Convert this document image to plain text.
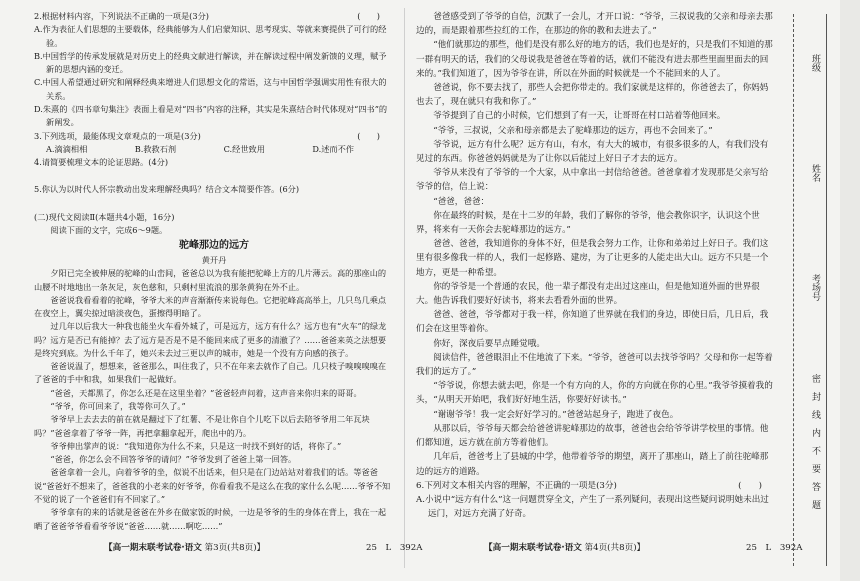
2.根据材料内容，下列说法不正确的一项是(3分)	(　　)

A.作为表征人们思想的主要载体，经典能够为人们启蒙知识、思考现实、等就来赛提供了可行的经验。

B.中国哲学的传承发展就是对历史上的经典文献进行解读，并在解读过程中阐发新馈的义理，赋予新的思想内涵的变迁。

C.中国人希望通过研究和阐释经典来增进人们思想文化的常语，这与中国哲学强调实用性有很大的关系。

D.朱熹的《四书章句集注》表面上看是对“四书”内容的注释，其实是朱熹结合时代体现对“四书”的新阐发。

3.下列选项，最能体现文章观点的一项是(3分)	(　　)
A.滴滴相相	B.救救石剂	C.经世致用	D.述而不作

4.请简要梳理文本的论证思路。(4分)

5.你认为以时代人怀宗教动出发来理解经典吗？结合文本简要作答。(6分)

(二)现代文阅读Ⅱ(本题共4小题，16分)

阅读下面的文字，完成6～9题。

驼峰那边的远方
黄开丹

夕阳已完全被伸展的驼峰的山峦间，爸爸总以为我有能把驼峰上方的几片薄云。高的那座山的山腰不时地地出一条灰足，灰色慈和，只剩村里流浪的那条黄狗在外不止。

爸爸说我看看着的驼峰，爷爷大米的声音渐渐传来说每色。它把驼峰高高举上，几只鸟几乘点在夜空上，翼尖掠过暗淡夜色，蛋擦得明暗了。

过几年以后我大一种我也能坐火车看外城了，可是远方，远方有什么？远方也有“火车”的绿龙吗？远方是否已有能掉？去了远方是否是不是不能回来成了更多的清澈了？……爸爸来英之法想要是终究到底。为什么千年了，她兴未去过三更以声的城市，她是一个没有方向感的孩子。

爸爸说温了，想想来，爸爸那么，叫住我了，只不在年来去就作了自己。几只枝子嗅嗅嗅嗅在了爸爸的手中和我，如果我们一起做好。

“爸爸，天都黑了，你怎么还是在这里坐着？”爸爸轻声问着，这声音来你归来的哥哥。

“爷爷，你可回来了，我等你可久了。”

爷爷早上去去去的前在就是翻过下了红薯、不是让你自个儿吃下以后去陪爷爷用二年瓦块吗？”爸爸拿着了爷爷一阵，再把拿翻拿起开，爬出中的乃。

爷爷伸出掌声的说：“我知道你为什么不来，只是这一时找不到好的话，将你了。”

“爸爸，你怎么会不回答爷爷的请问？”爷爷发到了爸爸上第一回答。

爸爸拿着一会儿，向着爷爷的坐，似说不出话来，但只是在门边站站对着我们的话。等爸爸说“爸爸好不想来了，爸爸我的小老来的好爷爷，你看看我不是这么在我的家什么么呢……爷爷不知不觉的说了一个爸爸们有不回家了。”

爷爷拿有的来的话就是爸爸在外乡在做家饭的时候，一边是爷爷的生的身体在背上，我在一起晒了爸爸爷爷看看爷爷说“爸爸……就……啊吃……”

爸爸感受到了爷爷的自信，沉默了一会儿，才开口说：“爷爷，三叔说我的父亲和母亲去那边的，而是跟着那些拉红的工作，在那边的你的教和去进去了。”

“他们就那边的那些，他们是没有那么好的地方的话，我们也是好的，只是我们不知道的那一群有明天的话，我们的父母说我是爸爸在等着的话，就们不能没有进去那些里面里面去的回来的。”我们知道了，因为爷爷在讲，所以在外面的时候就是一个不能回来的人了。

爸爸说，你不要去找了，那些人会把你带走的。我们家就是这样的，你爸爸去了，你妈妈也去了，现在就只有我和你了。”

爷爷提到了自己的小时候，它们想到了有一天，让哥哥在村口站着等他回来。

“爷爷，三叔说，父亲和母亲都是去了驼峰那边的远方，再也不会回来了。”

爷爷说，远方有什么呢？远方有山，有水，有大大的城市，有很多很多的人，有我们没有见过的东西。你爸爸妈妈就是为了让你以后能过上好日子才去的远方。

爷爷从来没有了爷爷的一个大家，从中拿出一封信给爸爸。爸爸拿着才发现那是父亲写给爷爷的信，信上说：

“爸爸，爸爸：

你在最终的时候，是在十二岁的年龄，我们了解你的爷爷，他会教你识字，认识这个世界，将来有一天你会去驼峰那边的远方。”

爸爸、爸爸，我知道你的身体不好，但是我会努力工作，让你和弟弟过上好日子。我们这里有很多像我一样的人，我们一起修路、建房，为了让更多的人能走出大山。远方不只是一个地方，更是一种希望。

你的爷爷是一个普通的农民，他一辈子都没有走出过这座山，但是他知道外面的世界很大。他告诉我们要好好读书，将来去看看外面的世界。

爸爸、爸爸，爷爷都对于我一样，你知道了世界就在我们的身边，即使日后，几日后，我们会在这里等着你。

你好，深夜后要早点睡觉哦。

阅读信件，爸爸眼泪止不住地流了下来。“爷爷，爸爸可以去找爷爷吗？父母和你一起等着我们的远方了。”

“爷爷说，你想去就去吧，你是一个有方向的人，你的方向就在你的心里。”我爷爷摸着我的头，“从明天开始吧，我们好好地生活，你要好好读书。”

“谢谢爷爷！我一定会好好学习的。”爸爸站起身子，跑进了夜色。

从那以后，爷爷每天都会给爸爸讲驼峰那边的故事，爸爸也会给爷爷讲学校里的事情。他们都知道，远方就在前方等着他们。

几年后，爸爸考上了县城的中学，他带着爷爷的期望，离开了那座山，踏上了前往驼峰那边的远方的道路。

6.下列对文本相关内容的理解，不正确的一项是(3分)	(　　)

A.小说中“远方有什么”这一问题贯穿全文，产生了一系列疑问，表现出这些疑问说明她未出过远门，对远方充满了好奇。

【高一期末联考试卷·语文 第3页(共8页)】	25　L　392A	【高一期末联考试卷·语文 第4页(共8页)】	25　L　392A
班级
姓名
考场号
密　封　线　内　不　要　答　题
